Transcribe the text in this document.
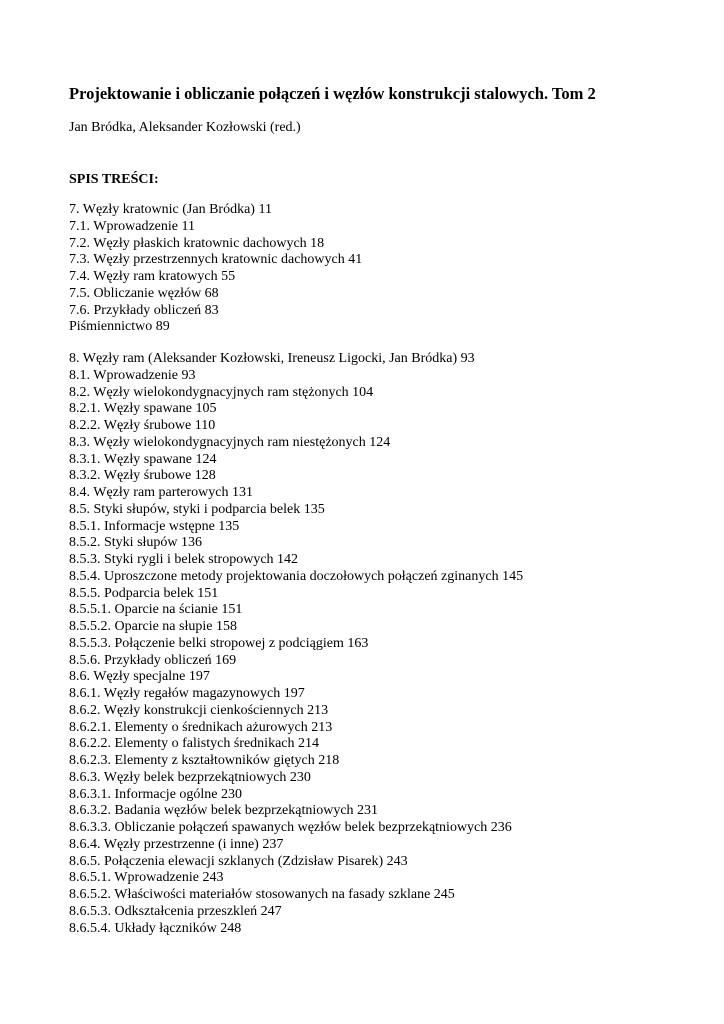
Projektowanie i obliczanie połączeń i węzłów konstrukcji stalowych. Tom 2
Jan Bródka, Aleksander Kozłowski (red.)
SPIS TREŚCI:
7. Węzły kratownic (Jan Bródka) 11
7.1. Wprowadzenie 11
7.2. Węzły płaskich kratownic dachowych 18
7.3. Węzły przestrzennych kratownic dachowych 41
7.4. Węzły ram kratowych 55
7.5. Obliczanie węzłów 68
7.6. Przykłady obliczeń 83
Piśmiennictwo 89
8. Węzły ram (Aleksander Kozłowski, Ireneusz Ligocki, Jan Bródka) 93
8.1. Wprowadzenie 93
8.2. Węzły wielokondygnacyjnych ram stężonych 104
8.2.1. Węzły spawane 105
8.2.2. Węzły śrubowe 110
8.3. Węzły wielokondygnacyjnych ram niestężonych 124
8.3.1. Węzły spawane 124
8.3.2. Węzły śrubowe 128
8.4. Węzły ram parterowych 131
8.5. Styki słupów, styki i podparcia belek 135
8.5.1. Informacje wstępne 135
8.5.2. Styki słupów 136
8.5.3. Styki rygli i belek stropowych 142
8.5.4. Uproszczone metody projektowania doczołowych połączeń zginanych 145
8.5.5. Podparcia belek 151
8.5.5.1. Oparcie na ścianie 151
8.5.5.2. Oparcie na słupie 158
8.5.5.3. Połączenie belki stropowej z podciągiem 163
8.5.6. Przykłady obliczeń 169
8.6. Węzły specjalne 197
8.6.1. Węzły regałów magazynowych 197
8.6.2. Węzły konstrukcji cienkościennych 213
8.6.2.1. Elementy o średnikach ażurowych 213
8.6.2.2. Elementy o falistych średnikach 214
8.6.2.3. Elementy z kształtowników giętych 218
8.6.3. Węzły belek bezprzekątniowych 230
8.6.3.1. Informacje ogólne 230
8.6.3.2. Badania węzłów belek bezprzekątniowych 231
8.6.3.3. Obliczanie połączeń spawanych węzłów belek bezprzekątniowych 236
8.6.4. Węzły przestrzenne (i inne) 237
8.6.5. Połączenia elewacji szklanych (Zdzisław Pisarek) 243
8.6.5.1. Wprowadzenie 243
8.6.5.2. Właściwości materiałów stosowanych na fasady szklane 245
8.6.5.3. Odkształcenia przeszkleń 247
8.6.5.4. Układy łączników 248
